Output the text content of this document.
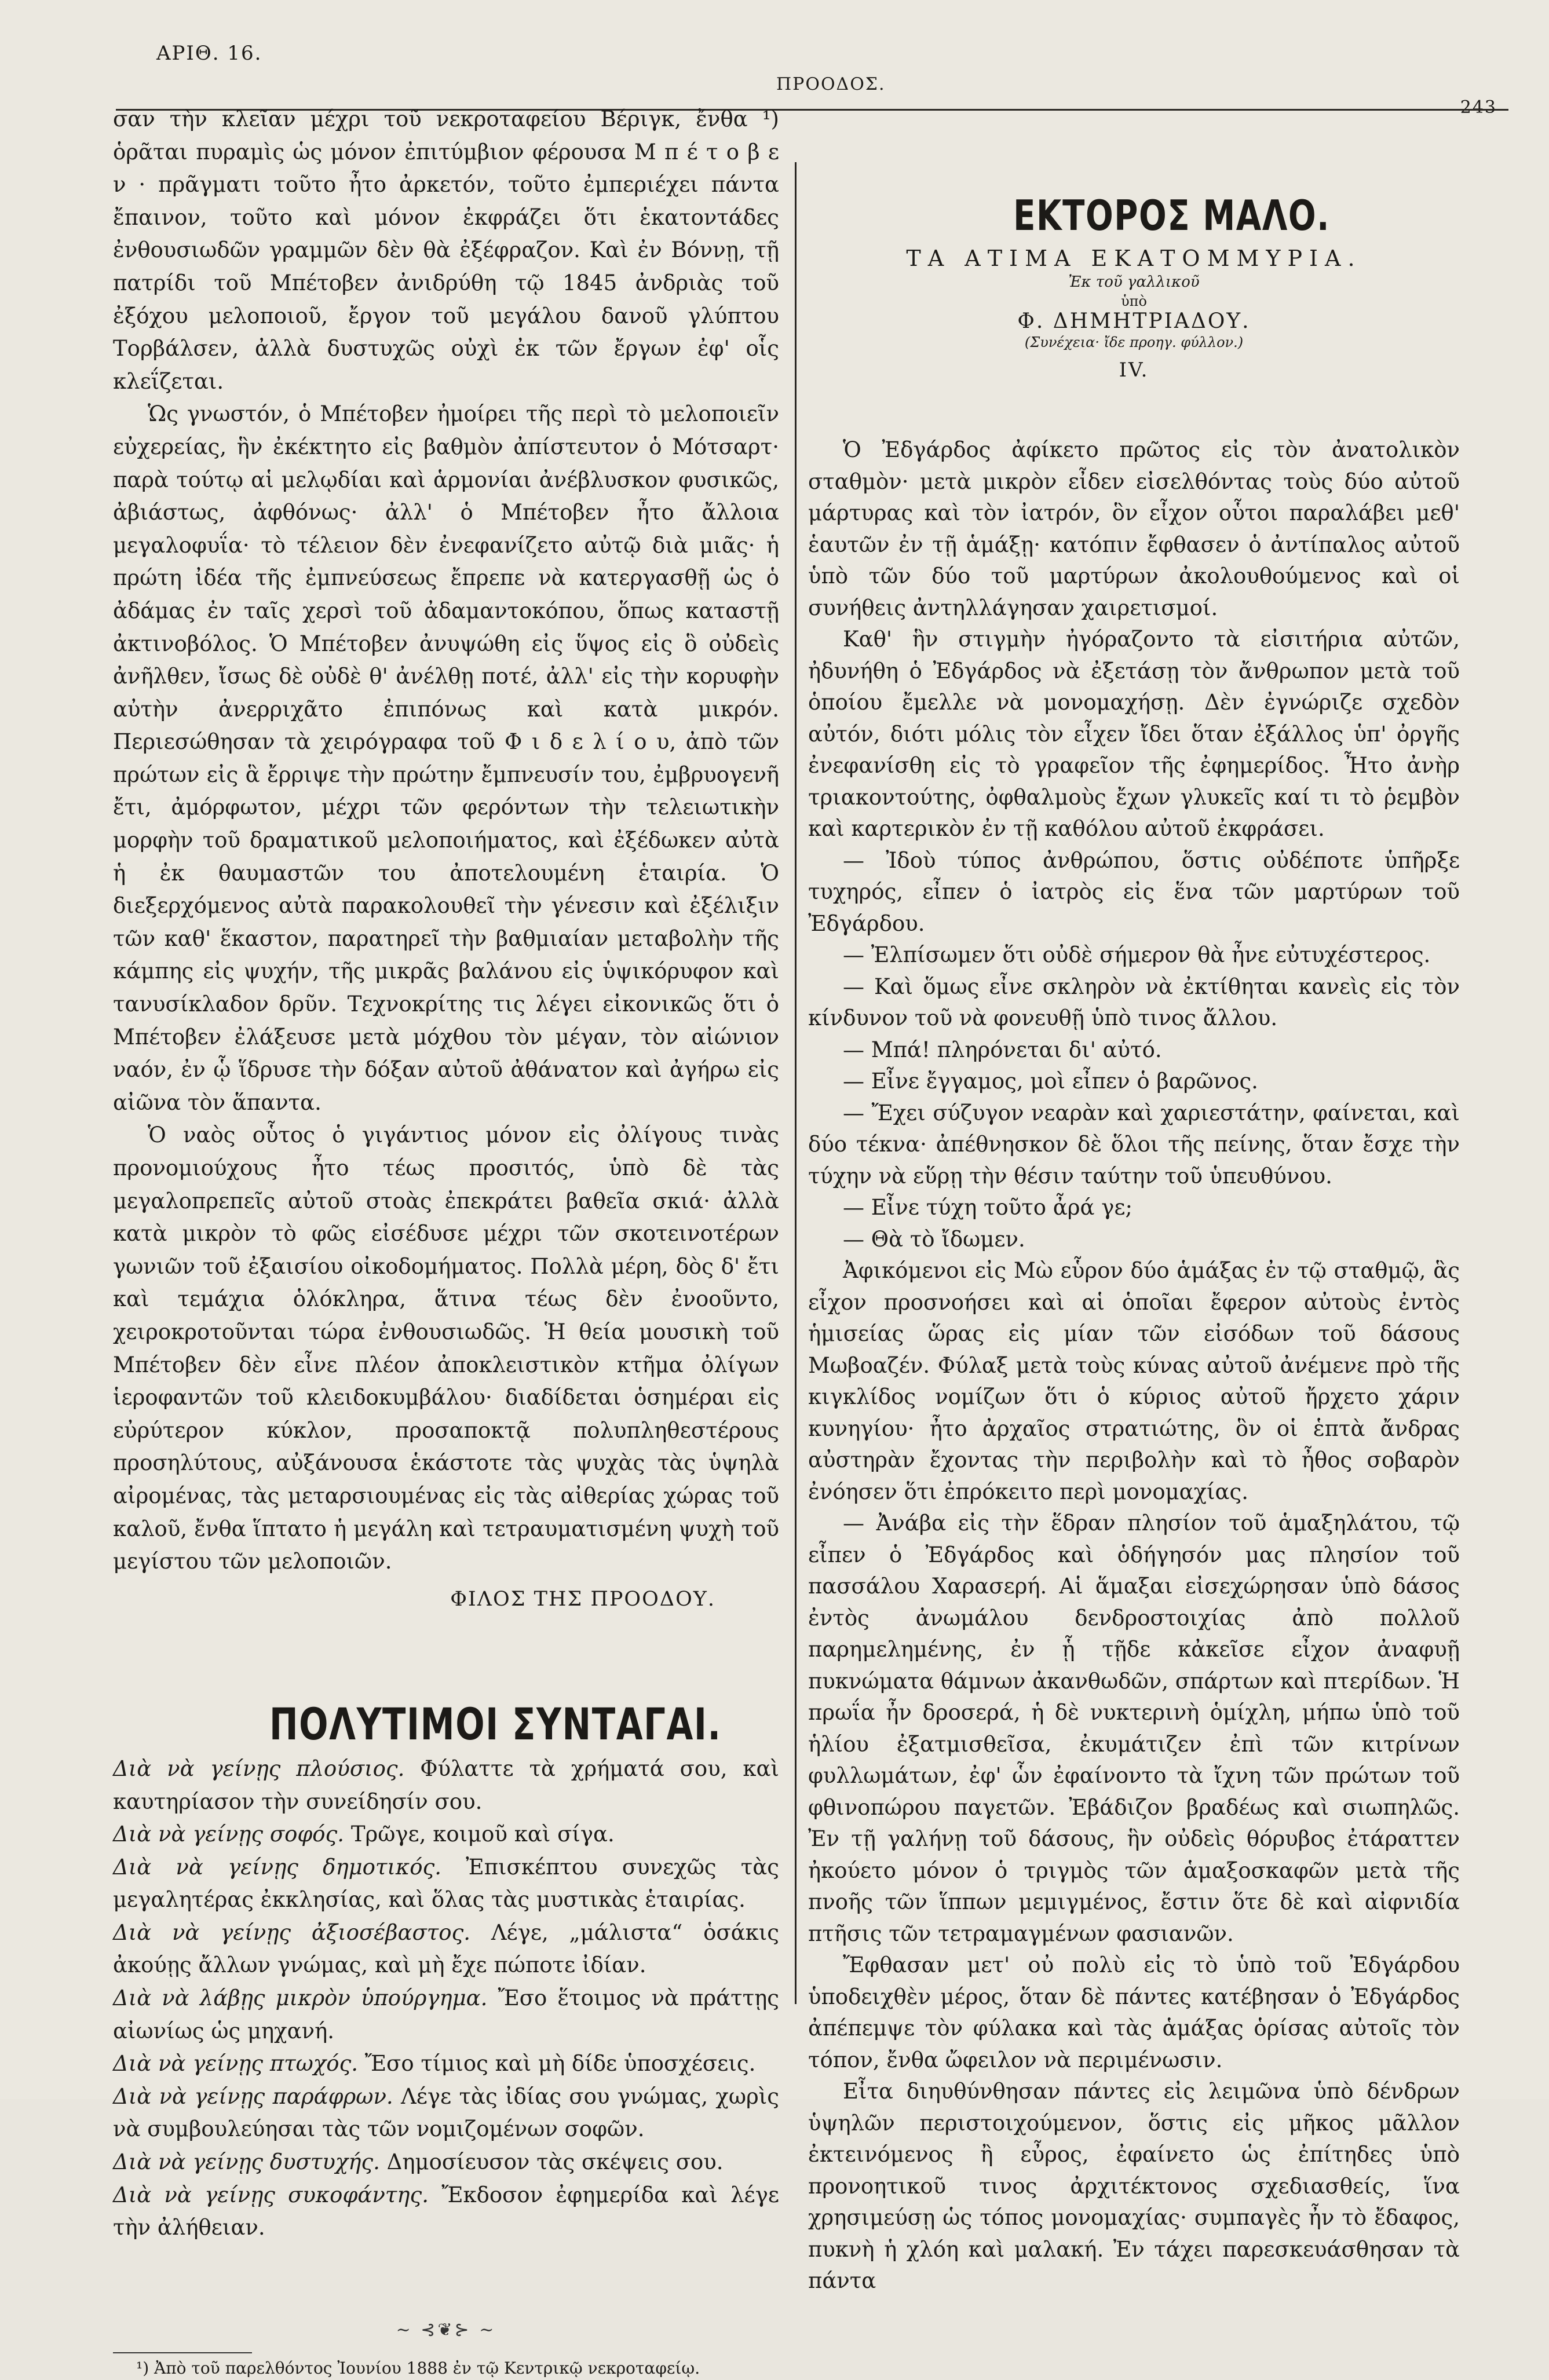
ΑΡΙΘ. 16.
ΠΡΟΟΔΟΣ.
243

σαν τὴν κλεῖαν μέχρι τοῦ νεκροταφείου Βέριγκ, ἔνθα ¹) ὁρᾶται πυραμὶς ὡς μόνον ἐπιτύμβιον φέρουσα Μ π έ τ ο β ε ν · πρᾶγματι τοῦτο ἦτο ἀρκετόν, τοῦτο ἐμπεριέχει πάντα ἔπαινον, τοῦτο καὶ μόνον ἐκφράζει ὅτι ἑκατοντάδες ἐνθουσιωδῶν γραμμῶν δὲν θὰ ἐξέφραζον. Καὶ ἐν Βόννῃ, τῇ πατρίδι τοῦ Μπέτοβεν ἀνιδρύθη τῷ 1845 ἀνδριὰς τοῦ ἐξόχου μελοποιοῦ, ἔργον τοῦ μεγάλου δανοῦ γλύπτου Τορβάλσεν, ἀλλὰ δυστυχῶς οὐχὶ ἐκ τῶν ἔργων ἐφ' οἷς κλεΐζεται.

Ὡς γνωστόν, ὁ Μπέτοβεν ἠμοίρει τῆς περὶ τὸ μελοποιεῖν εὐχερείας, ἣν ἐκέκτητο εἰς βαθμὸν ἀπίστευτον ὁ Μότσαρτ· παρὰ τούτῳ αἱ μελῳδίαι καὶ ἁρμονίαι ἀνέβλυσκον φυσικῶς, ἀβιάστως, ἀφθόνως· ἀλλ' ὁ Μπέτοβεν ἦτο ἄλλοια μεγαλοφυΐα· τὸ τέλειον δὲν ἐνεφανίζετο αὐτῷ διὰ μιᾶς· ἡ πρώτη ἰδέα τῆς ἐμπνεύσεως ἔπρεπε νὰ κατεργασθῇ ὡς ὁ ἀδάμας ἐν ταῖς χερσὶ τοῦ ἀδαμαντοκόπου, ὅπως καταστῇ ἀκτινοβόλος. Ὁ Μπέτοβεν ἀνυψώθη εἰς ὕψος εἰς ὃ οὐδεὶς ἀνῆλθεν, ἴσως δὲ οὐδὲ θ' ἀνέλθῃ ποτέ, ἀλλ' εἰς τὴν κορυφὴν αὐτὴν ἀνερριχᾶτο ἐπιπόνως καὶ κατὰ μικρόν. Περιεσώθησαν τὰ χειρόγραφα τοῦ Φ ι δ ε λ ί ο υ, ἀπὸ τῶν πρώτων εἰς ἃ ἔρριψε τὴν πρώτην ἔμπνευσίν του, ἐμβρυογενῆ ἔτι, ἀμόρφωτον, μέχρι τῶν φερόντων τὴν τελειωτικὴν μορφὴν τοῦ δραματικοῦ μελοποιήματος, καὶ ἐξέδωκεν αὐτὰ ἡ ἐκ θαυμαστῶν του ἀποτελουμένη ἑταιρία. Ὁ διεξερχόμενος αὐτὰ παρακολουθεῖ τὴν γένεσιν καὶ ἐξέλιξιν τῶν καθ' ἕκαστον, παρατηρεῖ τὴν βαθμιαίαν μεταβολὴν τῆς κάμπης εἰς ψυχήν, τῆς μικρᾶς βαλάνου εἰς ὑψικόρυφον καὶ τανυσίκλαδον δρῦν. Τεχνοκρίτης τις λέγει εἰκονικῶς ὅτι ὁ Μπέτοβεν ἐλάξευσε μετὰ μόχθου τὸν μέγαν, τὸν αἰώνιον ναόν, ἐν ᾧ ἵδρυσε τὴν δόξαν αὐτοῦ ἀθάνατον καὶ ἀγήρω εἰς αἰῶνα τὸν ἅπαντα.

Ὁ ναὸς οὗτος ὁ γιγάντιος μόνον εἰς ὀλίγους τινὰς προνομιούχους ἦτο τέως προσιτός, ὑπὸ δὲ τὰς μεγαλοπρεπεῖς αὐτοῦ στοὰς ἐπεκράτει βαθεῖα σκιά· ἀλλὰ κατὰ μικρὸν τὸ φῶς εἰσέδυσε μέχρι τῶν σκοτεινοτέρων γωνιῶν τοῦ ἐξαισίου οἰκοδομήματος. Πολλὰ μέρη, δὸς δ' ἔτι καὶ τεμάχια ὁλόκληρα, ἅτινα τέως δὲν ἐνοοῦντο, χειροκροτοῦνται τώρα ἐνθουσιωδῶς. Ἡ θεία μουσικὴ τοῦ Μπέτοβεν δὲν εἶνε πλέον ἀποκλειστικὸν κτῆμα ὀλίγων ἱεροφαντῶν τοῦ κλειδοκυμβάλου· διαδίδεται ὁσημέραι εἰς εὐρύτερον κύκλον, προσαποκτᾷ πολυπληθεστέρους προσηλύτους, αὐξάνουσα ἑκάστοτε τὰς ψυχὰς τὰς ὑψηλὰ αἰρομένας, τὰς μεταρσιουμένας εἰς τὰς αἰθερίας χώρας τοῦ καλοῦ, ἔνθα ἵπτατο ἡ μεγάλη καὶ τετραυματισμένη ψυχὴ τοῦ μεγίστου τῶν μελοποιῶν.

ΦΙΛΟΣ ΤΗΣ ΠΡΟΟΔΟΥ.
ΠΟΛΥΤΙΜΟΙ ΣΥΝΤΑΓΑΙ.

Διὰ νὰ γείνῃς πλούσιος. Φύλαττε τὰ χρήματά σου, καὶ καυτηρίασον τὴν συνείδησίν σου.

Διὰ νὰ γείνῃς σοφός. Τρῶγε, κοιμοῦ καὶ σίγα.

Διὰ νὰ γείνῃς δημοτικός. Ἐπισκέπτου συνεχῶς τὰς μεγαλητέρας ἐκκλησίας, καὶ ὅλας τὰς μυστικὰς ἑταιρίας.

Διὰ νὰ γείνῃς ἀξιοσέβαστος. Λέγε, „μάλιστα“ ὁσάκις ἀκούῃς ἄλλων γνώμας, καὶ μὴ ἔχε πώποτε ἰδίαν.

Διὰ νὰ λάβῃς μικρὸν ὑπούργημα. Ἔσο ἕτοιμος νὰ πράττῃς αἰωνίως ὡς μηχανή.

Διὰ νὰ γείνῃς πτωχός. Ἔσο τίμιος καὶ μὴ δίδε ὑποσχέσεις.

Διὰ νὰ γείνῃς παράφρων. Λέγε τὰς ἰδίας σου γνώμας, χωρὶς νὰ συμβουλεύησαι τὰς τῶν νομιζομένων σοφῶν.

Διὰ νὰ γείνῃς δυστυχής. Δημοσίευσον τὰς σκέψεις σου.

Διὰ νὰ γείνῃς συκοφάντης. Ἔκδοσον ἐφημερίδα καὶ λέγε τὴν ἀλήθειαν.

~ ⊰❦⊱ ~
¹) Ἀπὸ τοῦ παρελθόντος Ἰουνίου 1888 ἐν τῷ Κεντρικῷ νεκροταφείῳ.
ΕΚΤΟΡΟΣ ΜΑΛΟ.
ΤΑ ΑΤΙΜΑ ΕΚΑΤΟΜΜΥΡΙΑ.
Ἐκ τοῦ γαλλικοῦ
ὑπὸ
Φ. ΔΗΜΗΤΡΙΑΔΟΥ.
(Συνέχεια· ἴδε προηγ. φύλλον.)
IV.

Ὁ Ἐδγάρδος ἀφίκετο πρῶτος εἰς τὸν ἀνατολικὸν σταθμὸν· μετὰ μικρὸν εἶδεν εἰσελθόντας τοὺς δύο αὐτοῦ μάρτυρας καὶ τὸν ἰατρόν, ὃν εἶχον οὗτοι παραλάβει μεθ' ἑαυτῶν ἐν τῇ ἁμάξῃ· κατόπιν ἔφθασεν ὁ ἀντίπαλος αὐτοῦ ὑπὸ τῶν δύο τοῦ μαρτύρων ἀκολουθούμενος καὶ οἱ συνήθεις ἀντηλλάγησαν χαιρετισμοί.

Καθ' ἣν στιγμὴν ἠγόραζοντο τὰ εἰσιτήρια αὐτῶν, ἠδυνήθη ὁ Ἐδγάρδος νὰ ἐξετάσῃ τὸν ἄνθρωπον μετὰ τοῦ ὁποίου ἔμελλε νὰ μονομαχήσῃ. Δὲν ἐγνώριζε σχεδὸν αὐτόν, διότι μόλις τὸν εἶχεν ἴδει ὅταν ἐξάλλος ὑπ' ὀργῆς ἐνεφανίσθη εἰς τὸ γραφεῖον τῆς ἐφημερίδος. Ἦτο ἀνὴρ τριακοντούτης, ὀφθαλμοὺς ἔχων γλυκεῖς καί τι τὸ ῥεμβὸν καὶ καρτερικὸν ἐν τῇ καθόλου αὐτοῦ ἐκφράσει.

— Ἰδοὺ τύπος ἀνθρώπου, ὅστις οὐδέποτε ὑπῆρξε τυχηρός, εἶπεν ὁ ἰατρὸς εἰς ἕνα τῶν μαρτύρων τοῦ Ἐδγάρδου.

— Ἐλπίσωμεν ὅτι οὐδὲ σήμερον θὰ ἦνε εὐτυχέστερος.

— Καὶ ὅμως εἶνε σκληρὸν νὰ ἐκτίθηται κανεὶς εἰς τὸν κίνδυνον τοῦ νὰ φονευθῇ ὑπὸ τινος ἄλλου.

— Μπά! πληρόνεται δι' αὐτό.

— Εἶνε ἔγγαμος, μοὶ εἶπεν ὁ βαρῶνος.

— Ἔχει σύζυγον νεαρὰν καὶ χαριεστάτην, φαίνεται, καὶ δύο τέκνα· ἀπέθνησκον δὲ ὅλοι τῆς πείνης, ὅταν ἔσχε τὴν τύχην νὰ εὕρῃ τὴν θέσιν ταύτην τοῦ ὑπευθύνου.

— Εἶνε τύχη τοῦτο ἆρά γε;

— Θὰ τὸ ἴδωμεν.

Ἀφικόμενοι εἰς Μὼ εὗρον δύο ἁμάξας ἐν τῷ σταθμῷ, ἃς εἶχον προσνοήσει καὶ αἱ ὁποῖαι ἔφερον αὐτοὺς ἐντὸς ἡμισείας ὥρας εἰς μίαν τῶν εἰσόδων τοῦ δάσους Μωβοαζέν. Φύλαξ μετὰ τοὺς κύνας αὐτοῦ ἀνέμενε πρὸ τῆς κιγκλίδος νομίζων ὅτι ὁ κύριος αὐτοῦ ἤρχετο χάριν κυνηγίου· ἦτο ἀρχαῖος στρατιώτης, ὃν οἱ ἑπτὰ ἄνδρας αὐστηρὰν ἔχοντας τὴν περιβολὴν καὶ τὸ ἦθος σοβαρὸν ἐνόησεν ὅτι ἐπρόκειτο περὶ μονομαχίας.

— Ἀνάβα εἰς τὴν ἕδραν πλησίον τοῦ ἁμαξηλάτου, τῷ εἶπεν ὁ Ἐδγάρδος καὶ ὁδήγησόν μας πλησίον τοῦ πασσάλου Χαρασερή. Αἱ ἅμαξαι εἰσεχώρησαν ὑπὸ δάσος ἐντὸς ἀνωμάλου δενδροστοιχίας ἀπὸ πολλοῦ παρημελημένης, ἐν ᾗ τῇδε κἀκεῖσε εἶχον ἀναφυῇ πυκνώματα θάμνων ἀκανθωδῶν, σπάρτων καὶ πτερίδων. Ἡ πρωΐα ἦν δροσερά, ἡ δὲ νυκτερινὴ ὁμίχλη, μήπω ὑπὸ τοῦ ἡλίου ἐξατμισθεῖσα, ἐκυμάτιζεν ἐπὶ τῶν κιτρίνων φυλλωμάτων, ἐφ' ὧν ἐφαίνοντο τὰ ἴχνη τῶν πρώτων τοῦ φθινοπώρου παγετῶν. Ἐβάδιζον βραδέως καὶ σιωπηλῶς. Ἐν τῇ γαλήνῃ τοῦ δάσους, ἣν οὐδεὶς θόρυβος ἐτάραττεν ἠκούετο μόνον ὁ τριγμὸς τῶν ἁμαξοσκαφῶν μετὰ τῆς πνοῆς τῶν ἵππων μεμιγμένος, ἔστιν ὅτε δὲ καὶ αἰφνιδία πτῆσις τῶν τετραμαγμένων φασιανῶν.

Ἔφθασαν μετ' οὐ πολὺ εἰς τὸ ὑπὸ τοῦ Ἐδγάρδου ὑποδειχθὲν μέρος, ὅταν δὲ πάντες κατέβησαν ὁ Ἐδγάρδος ἀπέπεμψε τὸν φύλακα καὶ τὰς ἁμάξας ὁρίσας αὐτοῖς τὸν τόπον, ἔνθα ὤφειλον νὰ περιμένωσιν.

Εἶτα διηυθύνθησαν πάντες εἰς λειμῶνα ὑπὸ δένδρων ὑψηλῶν περιστοιχούμενον, ὅστις εἰς μῆκος μᾶλλον ἐκτεινόμενος ἢ εὖρος, ἐφαίνετο ὡς ἐπίτηδες ὑπὸ προνοητικοῦ τινος ἀρχιτέκτονος σχεδιασθείς, ἵνα χρησιμεύσῃ ὡς τόπος μονομαχίας· συμπαγὲς ἦν τὸ ἔδαφος, πυκνὴ ἡ χλόη καὶ μαλακή. Ἐν τάχει παρεσκευάσθησαν τὰ πάντα
